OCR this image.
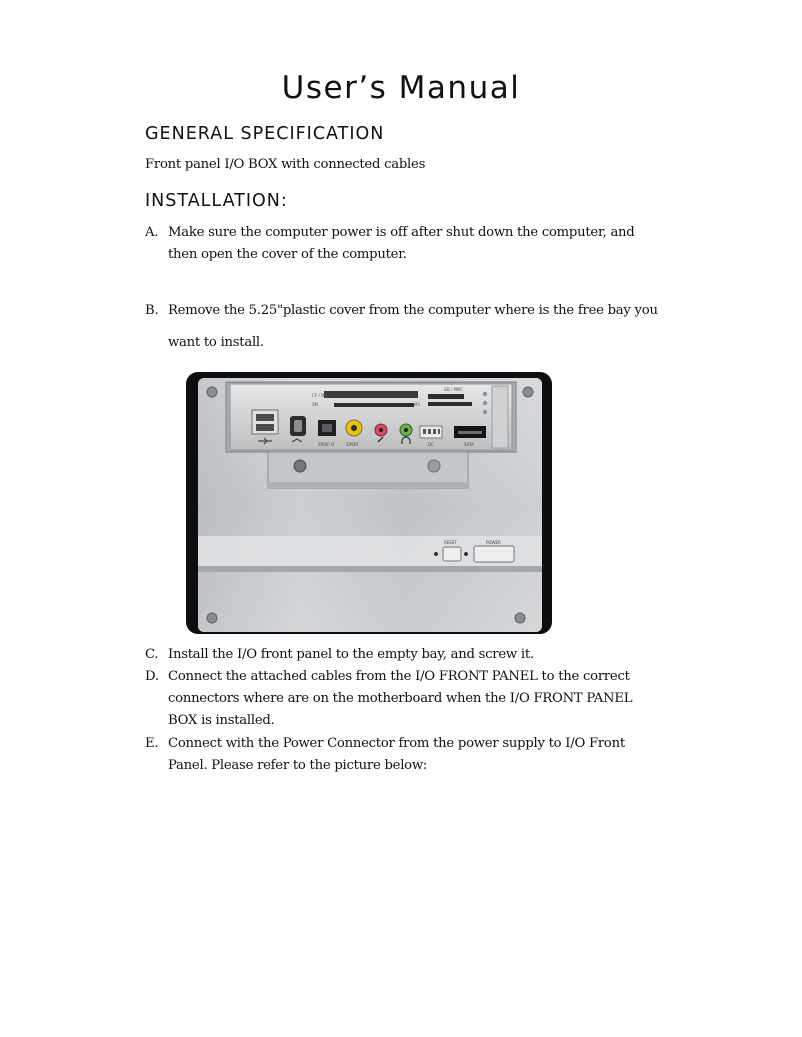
User’s Manual
GENERAL SPECIFICATION

Front panel I/O BOX with connected cables

INSTALLATION:
A. Make sure the computer power is off after shut down the computer, and then open the cover of the computer.
B. Remove the 5.25"plastic cover from the computer where is the free bay you want to install.
CF / MD
SM
SD / MMC
MS
SPDIF-O	S/PDIF	DC	SATA
RESET	POWER
C. Install the I/O front panel to the empty bay, and screw it.
D. Connect the attached cables from the I/O FRONT PANEL to the correct connectors where are on the motherboard when the I/O FRONT PANEL BOX is installed.
E. Connect with the Power Connector from the power supply to I/O Front Panel. Please refer to the picture below:
